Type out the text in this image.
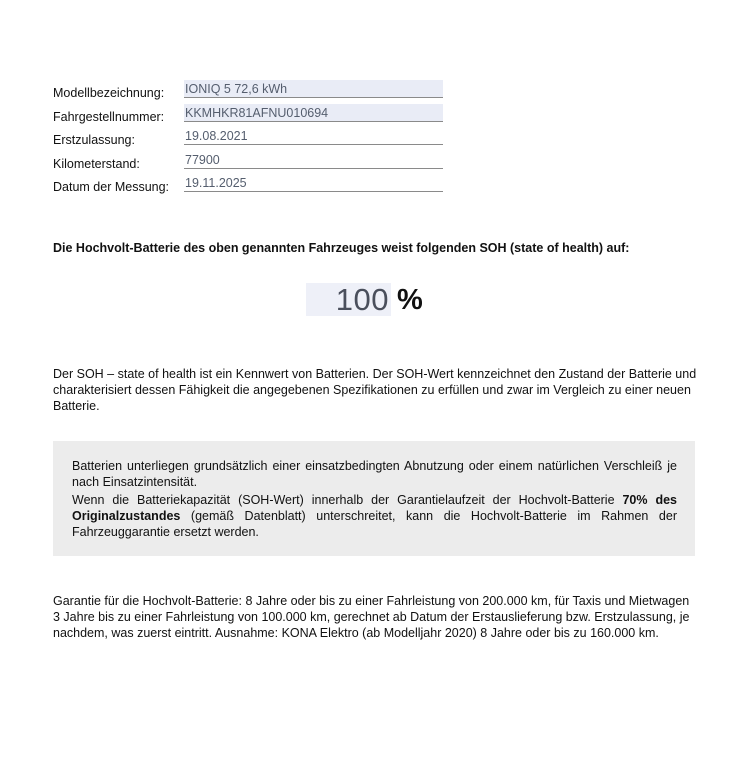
Modellbezeichnung: IONIQ 5 72,6 kWh
Fahrgestellnummer: KKMHKR81AFNU010694
Erstzulassung:	19.08.2021
Kilometerstand:	77900
Datum der Messung: 19.11.2025
Die Hochvolt-Batterie des oben genannten Fahrzeuges weist folgenden SOH (state of health) auf:
100 %
Der SOH – state of health ist ein Kennwert von Batterien. Der SOH-Wert kennzeichnet den Zustand der Batterie und charakterisiert dessen Fähigkeit die angegebenen Spezifikationen zu erfüllen und zwar im Vergleich zu einer neuen Batterie.

Batterien unterliegen grundsätzlich einer einsatzbedingten Abnutzung oder einem natürlichen Verschleiß je nach Einsatzintensität.

Wenn die Batteriekapazität (SOH-Wert) innerhalb der Garantielaufzeit der Hochvolt-Batterie 70% des Originalzustandes (gemäß Datenblatt) unterschreitet, kann die Hochvolt-Batterie im Rahmen der Fahrzeuggarantie ersetzt werden.

Garantie für die Hochvolt-Batterie: 8 Jahre oder bis zu einer Fahrleistung von 200.000 km, für Taxis und Mietwagen 3 Jahre bis zu einer Fahrleistung von 100.000 km, gerechnet ab Datum der Erstauslieferung bzw. Erstzulassung, je nachdem, was zuerst eintritt. Ausnahme: KONA Elektro (ab Modelljahr 2020) 8 Jahre oder bis zu 160.000 km.
